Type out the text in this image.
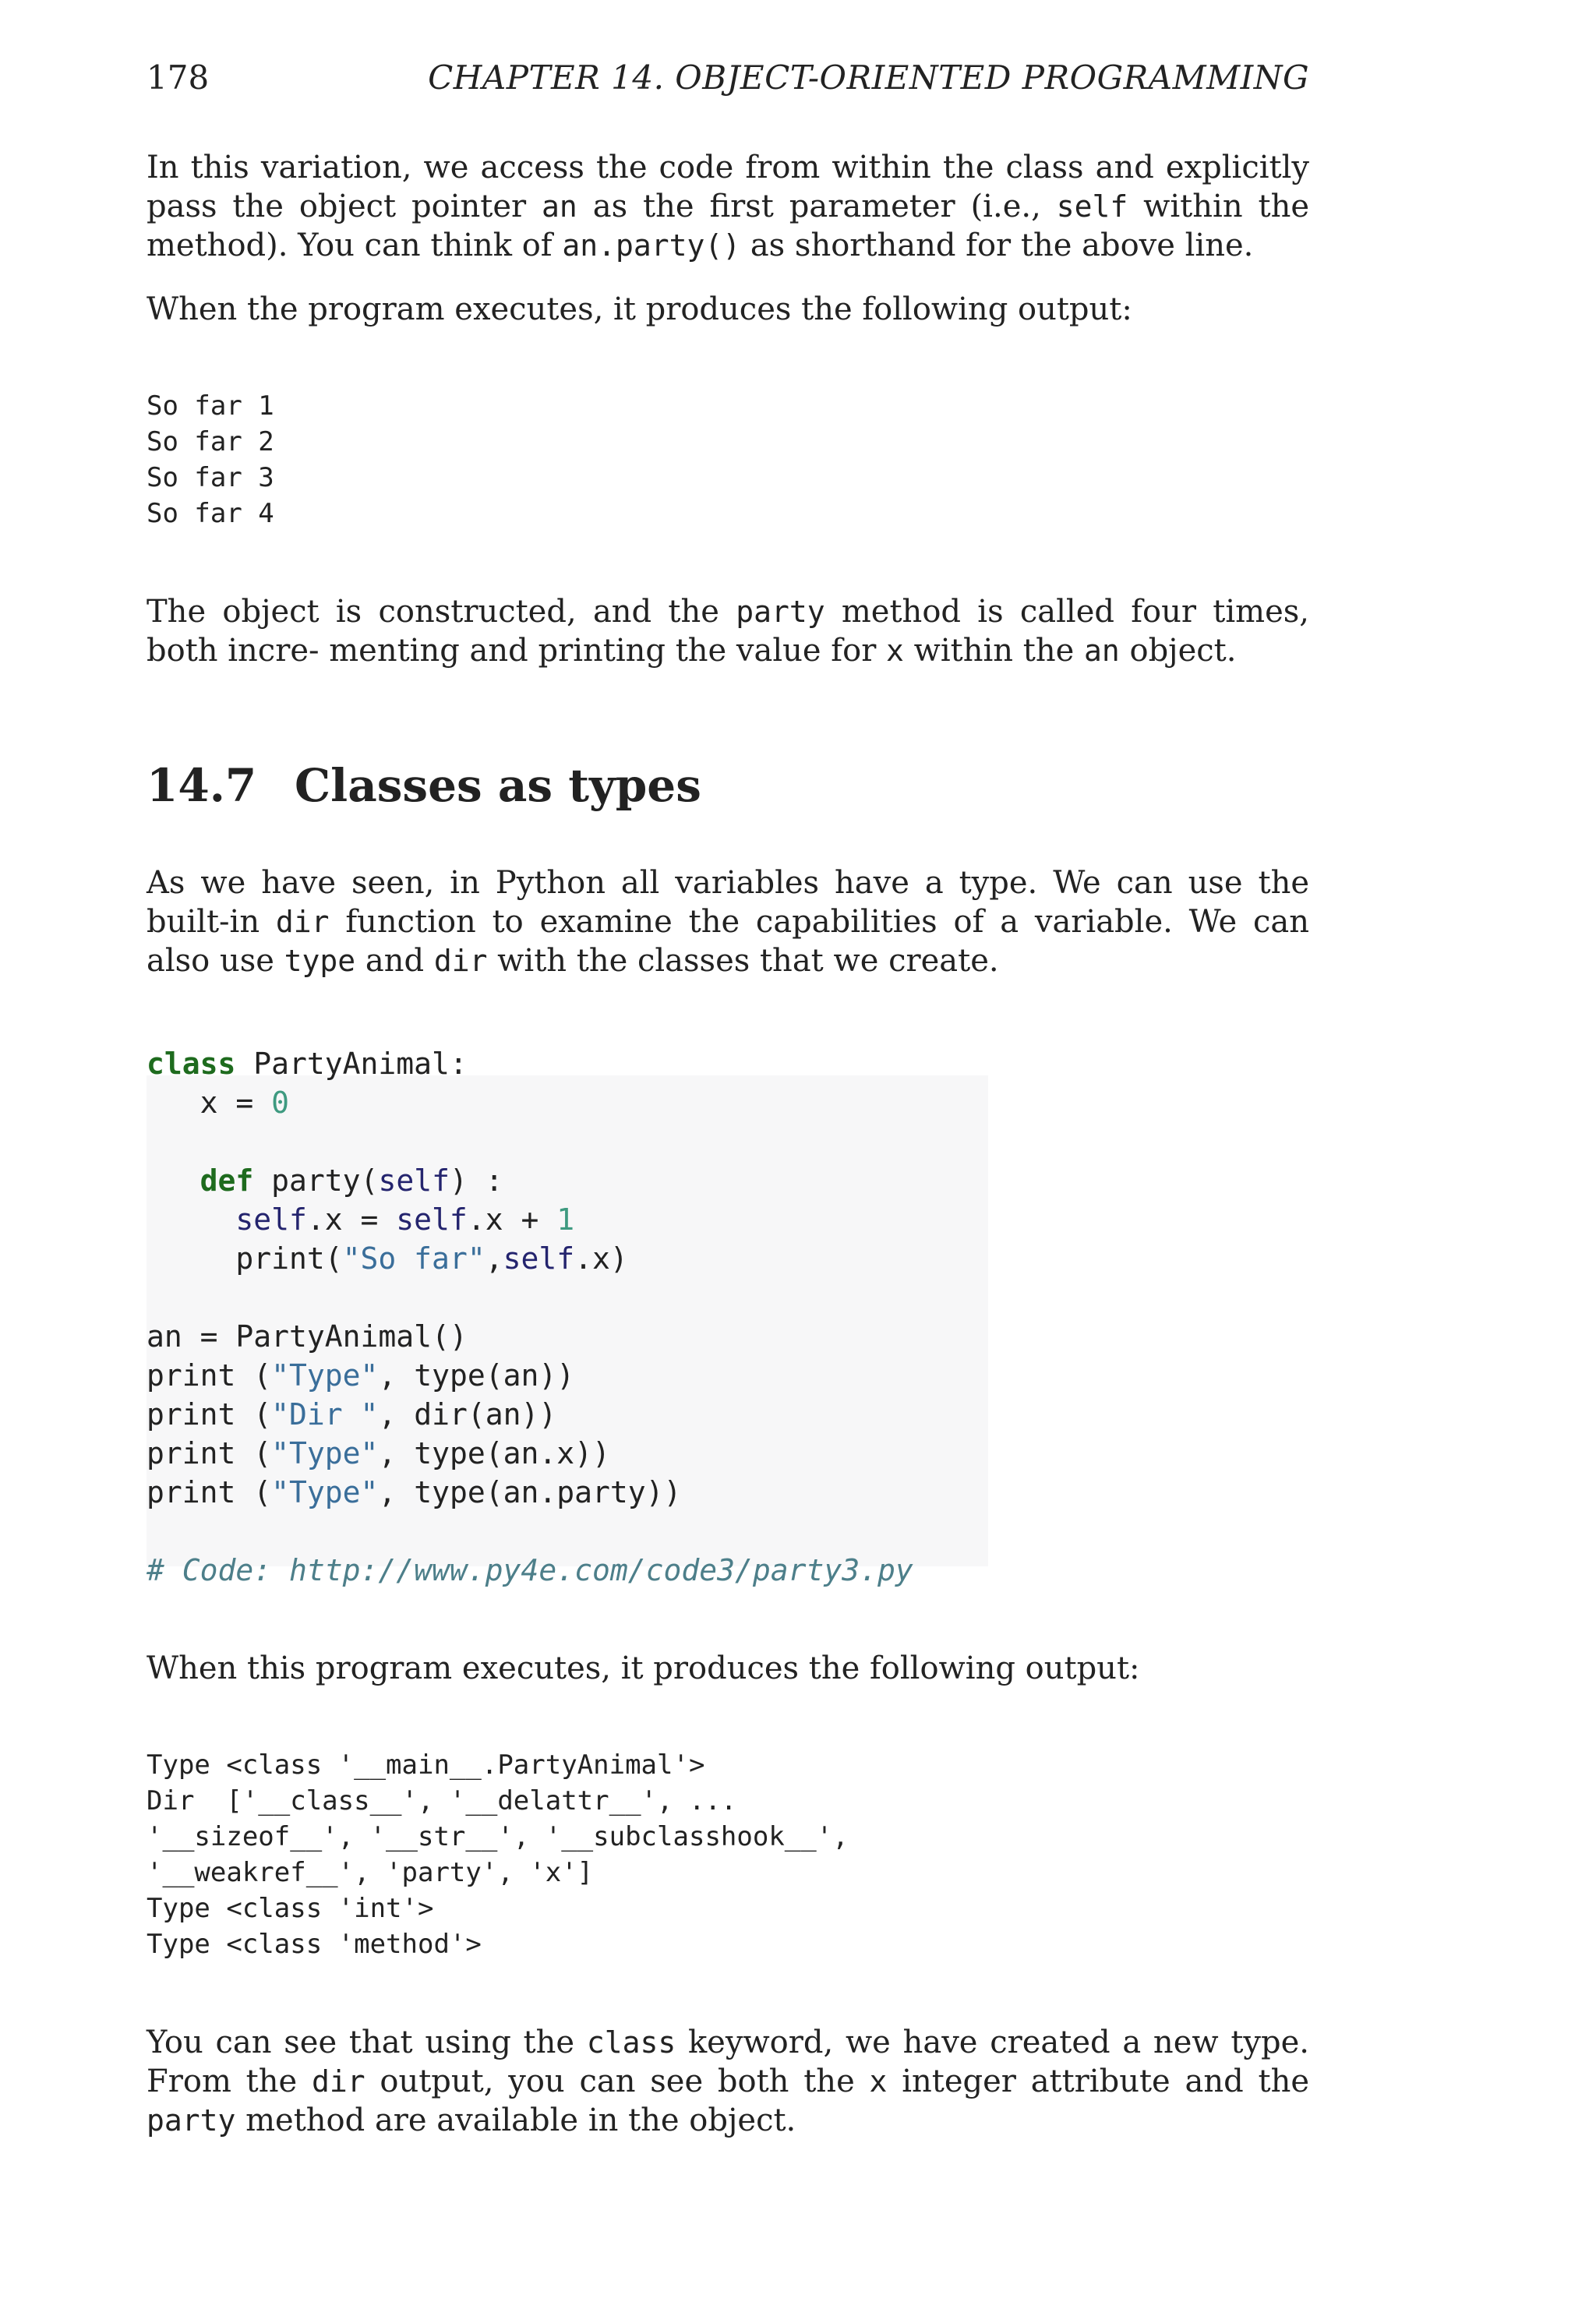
178	CHAPTER 14. OBJECT-ORIENTED PROGRAMMING

In this variation, we access the code from within the class and explicitly pass the object pointer an as the first parameter (i.e., self within the method). You can think of an.party() as shorthand for the above line.

When the program executes, it produces the following output:

So far 1
So far 2
So far 3
So far 4

The object is constructed, and the party method is called four times, both incre- menting and printing the value for x within the an object.

14.7 Classes as types

As we have seen, in Python all variables have a type. We can use the built-in dir function to examine the capabilities of a variable. We can also use type and dir with the classes that we create.

class PartyAnimal:
x = 0
def party(self) :
self.x = self.x + 1
print("So far",self.x)
an = PartyAnimal()
print ("Type", type(an))
print ("Dir ", dir(an))
print ("Type", type(an.x))
print ("Type", type(an.party))
# Code: http://www.py4e.com/code3/party3.py

When this program executes, it produces the following output:

Type <class '__main__.PartyAnimal'>
Dir  ['__class__', '__delattr__', ...
'__sizeof__', '__str__', '__subclasshook__',
'__weakref__', 'party', 'x']
Type <class 'int'>
Type <class 'method'>

You can see that using the class keyword, we have created a new type. From the dir output, you can see both the x integer attribute and the party method are available in the object.
